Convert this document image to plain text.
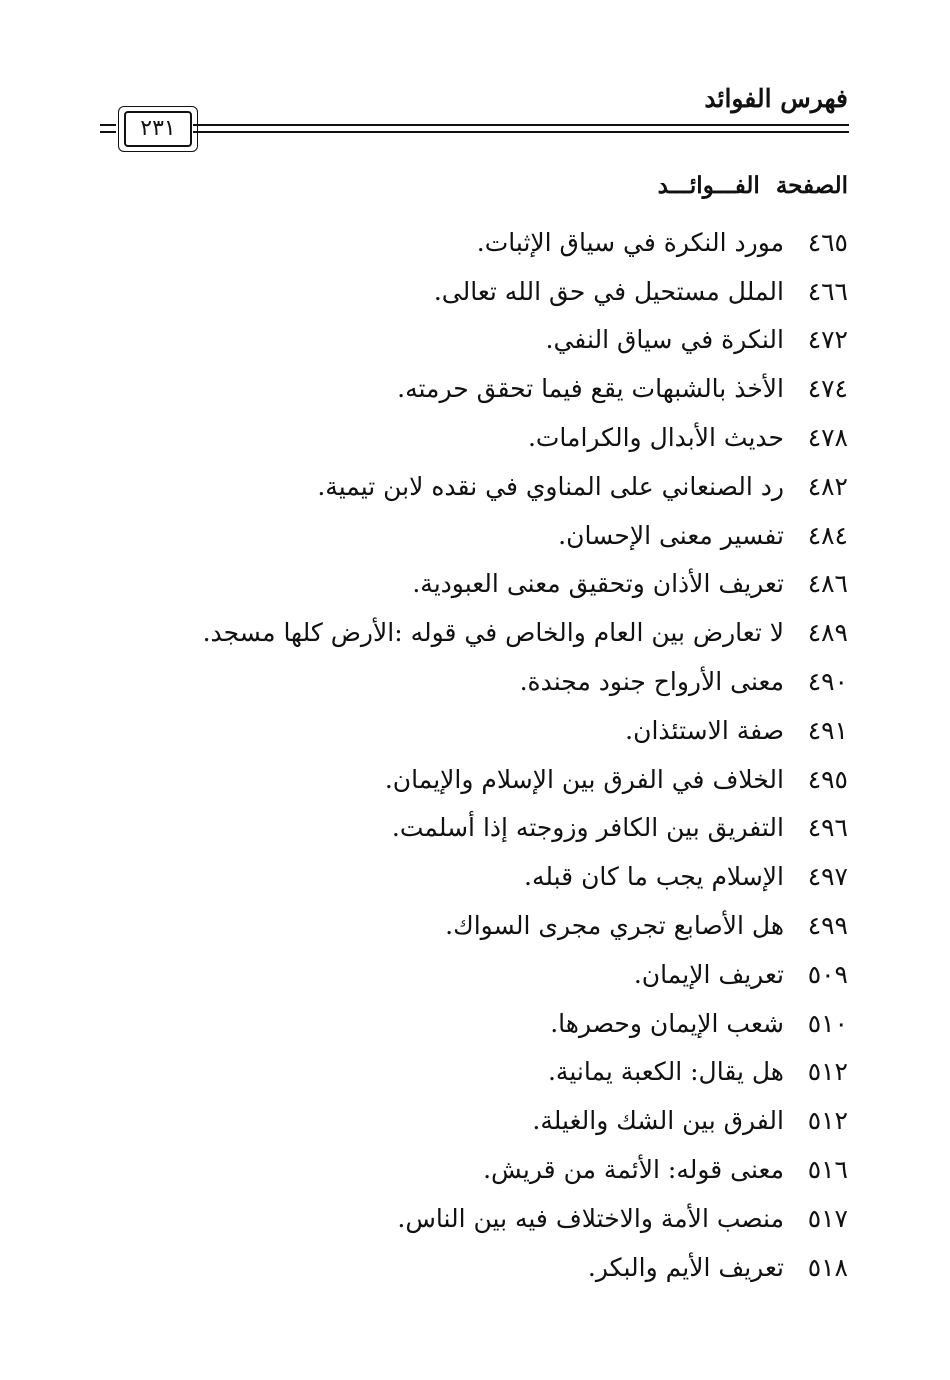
فهرس الفوائد
٢٣١
الصفحة الفـــوائـــد
٤٦٥
مورد النكرة في سياق الإثبات.
٤٦٦
الملل مستحيل في حق الله تعالى.
٤٧٢
النكرة في سياق النفي.
٤٧٤
الأخذ بالشبهات يقع فيما تحقق حرمته.
٤٧٨
حديث الأبدال والكرامات.
٤٨٢
رد الصنعاني على المناوي في نقده لابن تيمية.
٤٨٤
تفسير معنى الإحسان.
٤٨٦
تعريف الأذان وتحقيق معنى العبودية.
٤٨٩
لا تعارض بين العام والخاص في قوله :الأرض كلها مسجد.
٤٩٠
معنى الأرواح جنود مجندة.
٤٩١
صفة الاستئذان.
٤٩٥
الخلاف في الفرق بين الإسلام والإيمان.
٤٩٦
التفريق بين الكافر وزوجته إذا أسلمت.
٤٩٧
الإسلام يجب ما كان قبله.
٤٩٩
هل الأصابع تجري مجرى السواك.
٥٠٩
تعريف الإيمان.
٥١٠
شعب الإيمان وحصرها.
٥١٢
هل يقال: الكعبة يمانية.
٥١٢
الفرق بين الشك والغيلة.
٥١٦
معنى قوله: الأئمة من قريش.
٥١٧
منصب الأمة والاختلاف فيه بين الناس.
٥١٨
تعريف الأيم والبكر.
